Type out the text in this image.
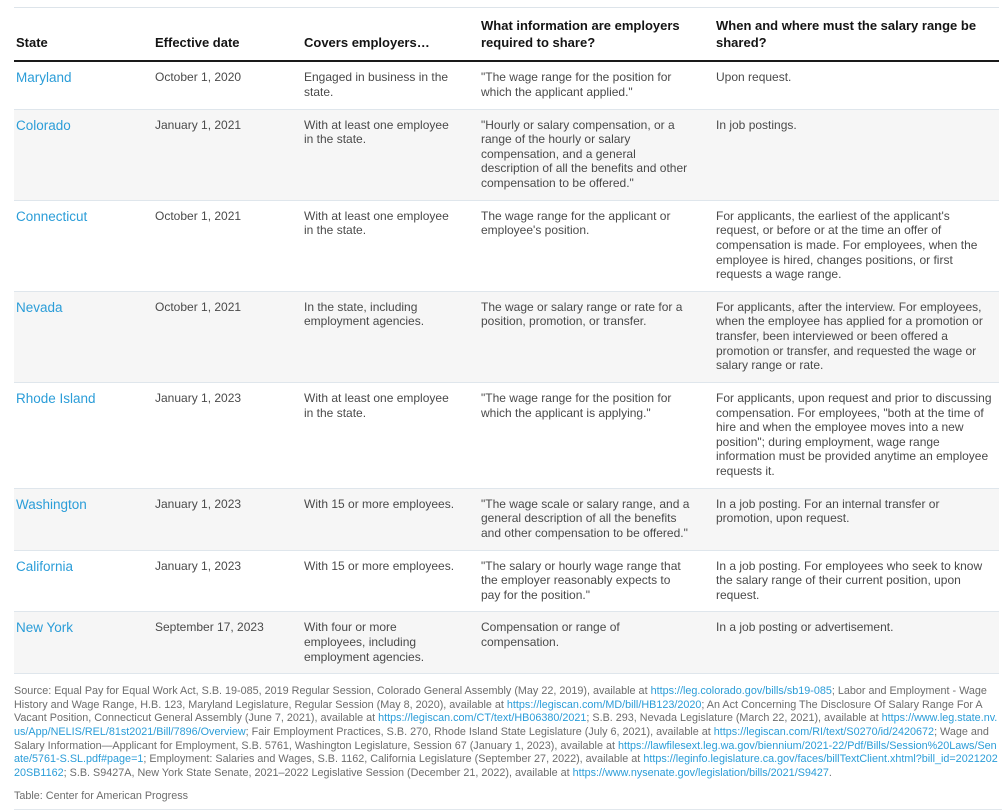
State	Effective date	Covers employers…	What information are employers required to share?	When and where must the salary range be shared?
Maryland	October 1, 2020	Engaged in business in the state.	"The wage range for the position for which the applicant applied."	Upon request.
Colorado	January 1, 2021	With at least one employee in the state.	"Hourly or salary compensation, or a range of the hourly or salary compensation, and a general description of all the benefits and other compensation to be offered."	In job postings.
Connecticut	October 1, 2021	With at least one employee in the state.	The wage range for the applicant or employee's position.	For applicants, the earliest of the applicant's request, or before or at the time an offer of compensation is made. For employees, when the employee is hired, changes positions, or first requests a wage range.
Nevada	October 1, 2021	In the state, including employment agencies.	The wage or salary range or rate for a position, promotion, or transfer.	For applicants, after the interview. For employees, when the employee has applied for a promotion or transfer, been interviewed or been offered a promotion or transfer, and requested the wage or salary range or rate.
Rhode Island	January 1, 2023	With at least one employee in the state.	"The wage range for the position for which the applicant is applying."	For applicants, upon request and prior to discussing compensation. For employees, "both at the time of hire and when the employee moves into a new position"; during employment, wage range information must be provided anytime an employee requests it.
Washington	January 1, 2023	With 15 or more employees.	"The wage scale or salary range, and a general description of all the benefits and other compensation to be offered."	In a job posting. For an internal transfer or promotion, upon request.
California	January 1, 2023	With 15 or more employees.	"The salary or hourly wage range that the employer reasonably expects to pay for the position."	In a job posting. For employees who seek to know the salary range of their current position, upon request.
New York	September 17, 2023	With four or more employees, including employment agencies.	Compensation or range of compensation.	In a job posting or advertisement.

Source: Equal Pay for Equal Work Act, S.B. 19-085, 2019 Regular Session, Colorado General Assembly (May 22, 2019), available at https://leg.colorado.gov/bills/sb19-085; Labor and Employment - Wage History and Wage Range, H.B. 123, Maryland Legislature, Regular Session (May 8, 2020), available at https://legiscan.com/MD/bill/HB123/2020; An Act Concerning The Disclosure Of Salary Range For A Vacant Position, Connecticut General Assembly (June 7, 2021), available at https://legiscan.com/CT/text/HB06380/2021; S.B. 293, Nevada Legislature (March 22, 2021), available at https://www.leg.state.nv.us/App/NELIS/REL/81st2021/Bill/7896/Overview; Fair Employment Practices, S.B. 270, Rhode Island State Legislature (July 6, 2021), available at https://legiscan.com/RI/text/S0270/id/2420672; Wage and Salary Information—Applicant for Employment, S.B. 5761, Washington Legislature, Session 67 (January 1, 2023), available at https://lawfilesext.leg.wa.gov/biennium/2021-22/Pdf/Bills/Session%20Laws/Senate/5761-S.SL.pdf#page=1; Employment: Salaries and Wages, S.B. 1162, California Legislature (September 27, 2022), available at https://leginfo.legislature.ca.gov/faces/billTextClient.xhtml?bill_id=202120220SB1162; S.B. S9427A, New York State Senate, 2021–2022 Legislative Session (December 21, 2022), available at https://www.nysenate.gov/legislation/bills/2021/S9427.

Table: Center for American Progress
